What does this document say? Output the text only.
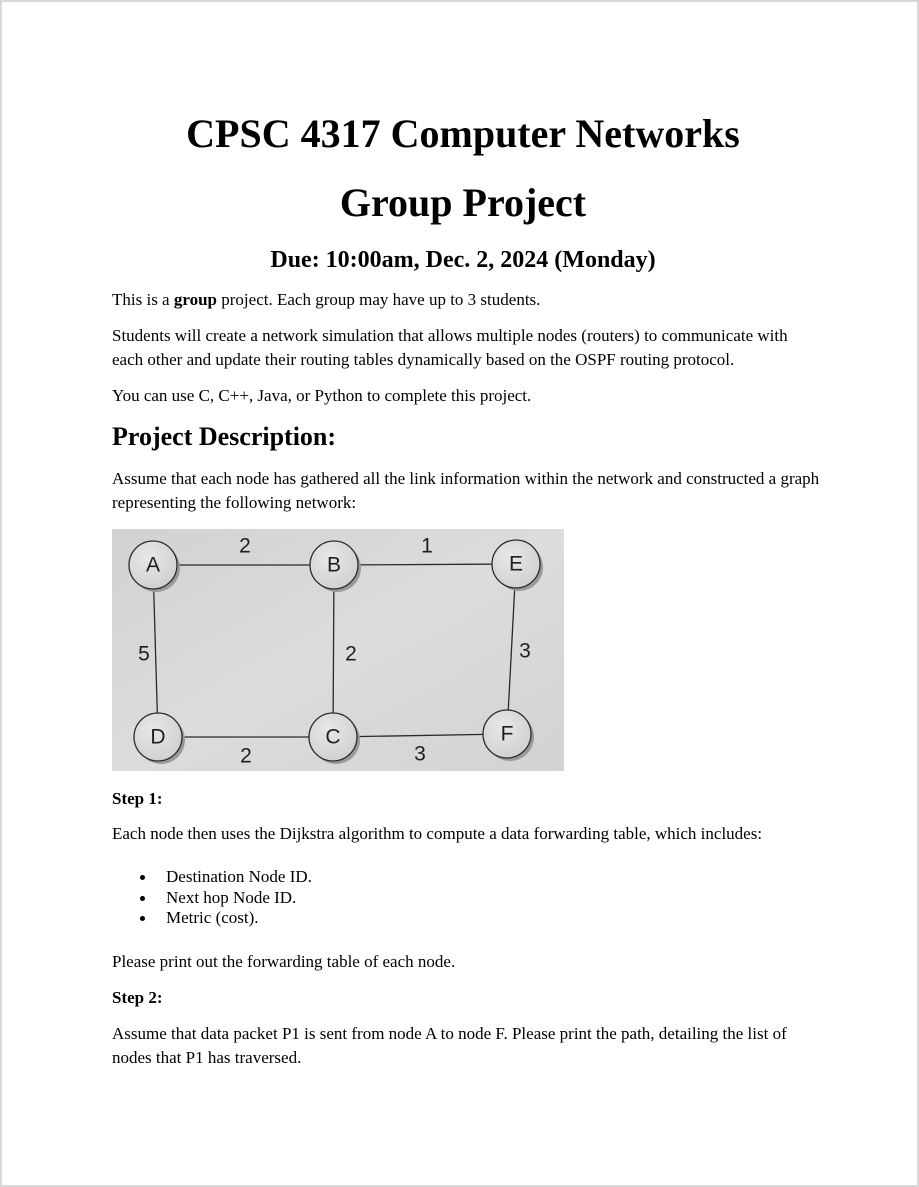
CPSC 4317 Computer Networks
Group Project
Due: 10:00am, Dec. 2, 2024 (Monday)

This is a group project. Each group may have up to 3 students.

Students will create a network simulation that allows multiple nodes (routers) to communicate with each other and update their routing tables dynamically based on the OSPF routing protocol.

You can use C, C++, Java, or Python to complete this project.

Project Description:

Assume that each node has gathered all the link information within the network and constructed a graph representing the following network:

A	B	E
D	C	F
2	1
5	2	3
2	3

Step 1:

Each node then uses the Dijkstra algorithm to compute a data forwarding table, which includes:

Destination Node ID.
Next hop Node ID.
Metric (cost).

Please print out the forwarding table of each node.

Step 2:

Assume that data packet P1 is sent from node A to node F. Please print the path, detailing the list of nodes that P1 has traversed.
